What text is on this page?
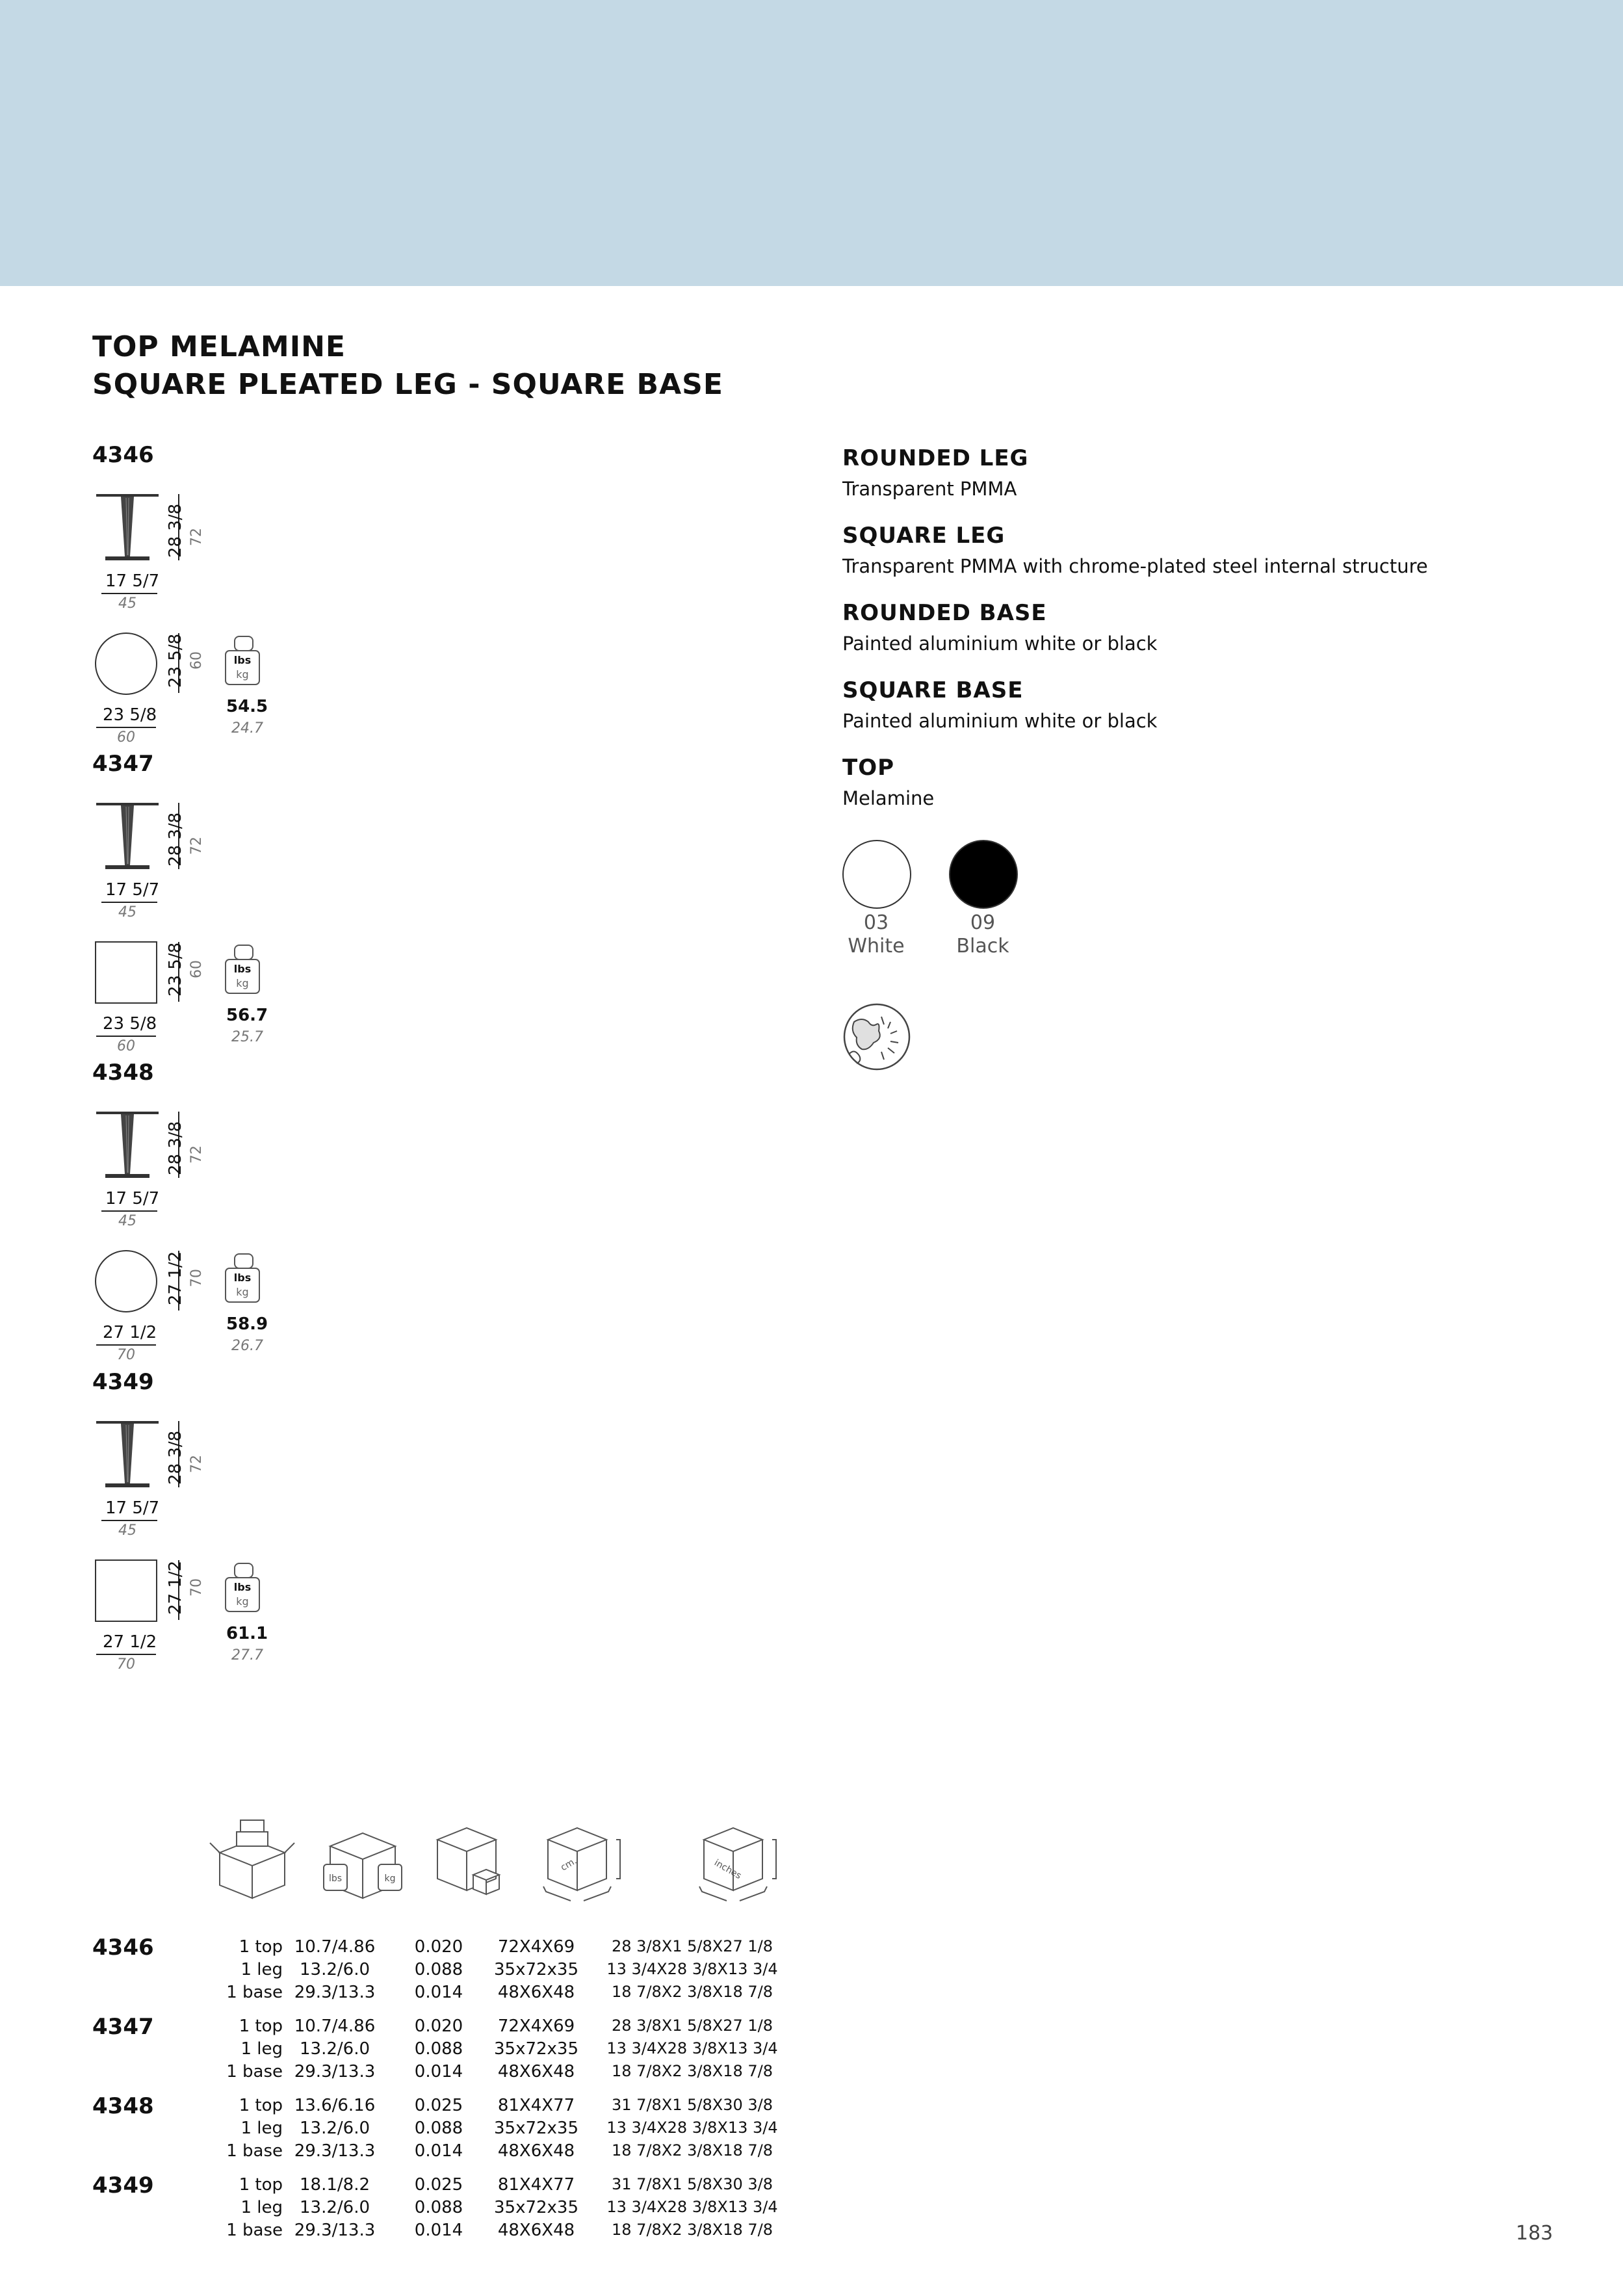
TOP MELAMINE
SQUARE PLEATED LEG - SQUARE BASE
4346
28 3/8 72
17 5/7
45
23 5/8 60
23 5/8
60
lbs
kg
54.5
24.7
4347
28 3/8 72
17 5/7
45
23 5/8 60
23 5/8
60
lbs
kg
56.7
25.7
4348
28 3/8 72
17 5/7
45
27 1/2 70
27 1/2
70
lbs
kg
58.9
26.7
4349
28 3/8 72
17 5/7
45
27 1/2 70
27 1/2
70
lbs
kg
61.1
27.7
ROUNDED LEG
Transparent PMMA
SQUARE LEG
Transparent PMMA with chrome-plated steel internal structure
ROUNDED BASE
Painted aluminium white or black
SQUARE BASE
Painted aluminium white or black
TOP
Melamine
03
White
09
Black
lbs	kg
cm.	inches
4346	1 top 10.7/4.86	0.020	72X4X69	28 3/8X1 5/8X27 1/8
1 leg	13.2/6.0	0.088	35x72x35	13 3/4X28 3/8X13 3/4
1 base 29.3/13.3	0.014	48X6X48	18 7/8X2 3/8X18 7/8
4347	1 top 10.7/4.86	0.020	72X4X69	28 3/8X1 5/8X27 1/8
1 leg	13.2/6.0	0.088	35x72x35	13 3/4X28 3/8X13 3/4
1 base 29.3/13.3	0.014	48X6X48	18 7/8X2 3/8X18 7/8
4348	1 top 13.6/6.16	0.025	81X4X77	31 7/8X1 5/8X30 3/8
1 leg	13.2/6.0	0.088	35x72x35	13 3/4X28 3/8X13 3/4
1 base 29.3/13.3	0.014	48X6X48	18 7/8X2 3/8X18 7/8
4349	1 top	18.1/8.2	0.025	81X4X77	31 7/8X1 5/8X30 3/8
1 leg	13.2/6.0	0.088	35x72x35	13 3/4X28 3/8X13 3/4
1 base 29.3/13.3	0.014	48X6X48	18 7/8X2 3/8X18 7/8	183
